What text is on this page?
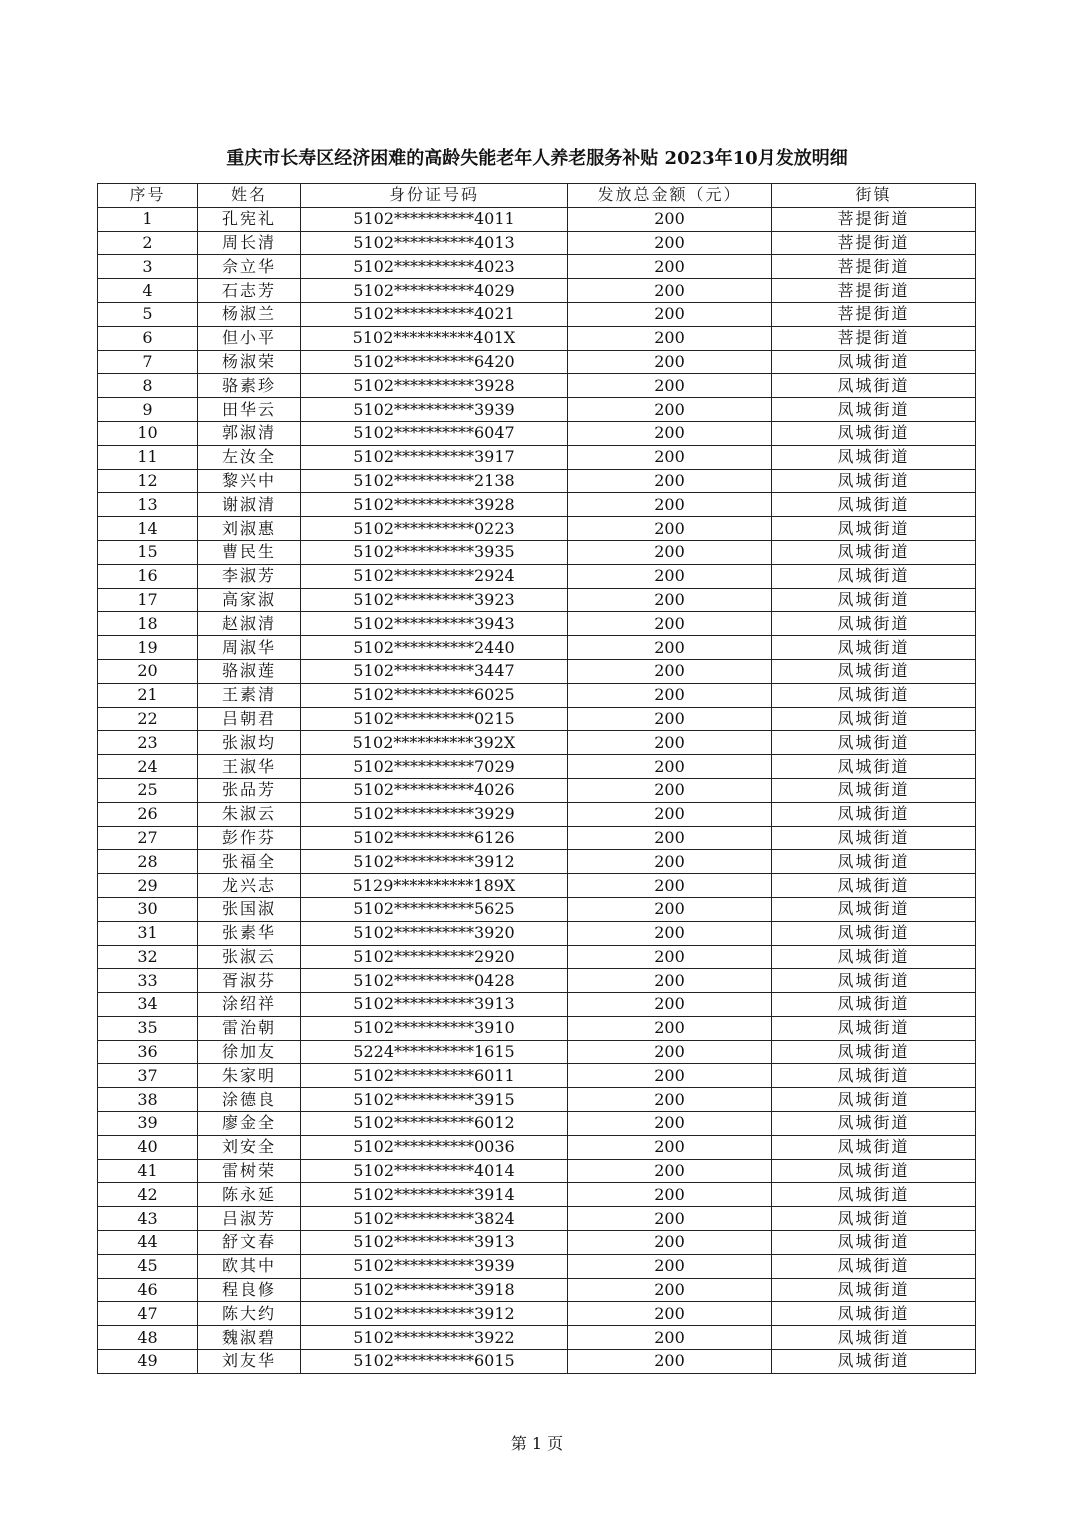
重庆市长寿区经济困难的高龄失能老年人养老服务补贴 2023年10月发放明细
序号	姓名	身份证号码	发放总金额（元）	街镇
1	孔宪礼	5102**********4011	200	菩提街道
2	周长清	5102**********4013	200	菩提街道
3	佘立华	5102**********4023	200	菩提街道
4	石志芳	5102**********4029	200	菩提街道
5	杨淑兰	5102**********4021	200	菩提街道
6	但小平	5102**********401X	200	菩提街道
7	杨淑荣	5102**********6420	200	凤城街道
8	骆素珍	5102**********3928	200	凤城街道
9	田华云	5102**********3939	200	凤城街道
10	郭淑清	5102**********6047	200	凤城街道
11	左汝全	5102**********3917	200	凤城街道
12	黎兴中	5102**********2138	200	凤城街道
13	谢淑清	5102**********3928	200	凤城街道
14	刘淑惠	5102**********0223	200	凤城街道
15	曹民生	5102**********3935	200	凤城街道
16	李淑芳	5102**********2924	200	凤城街道
17	高家淑	5102**********3923	200	凤城街道
18	赵淑清	5102**********3943	200	凤城街道
19	周淑华	5102**********2440	200	凤城街道
20	骆淑莲	5102**********3447	200	凤城街道
21	王素清	5102**********6025	200	凤城街道
22	吕朝君	5102**********0215	200	凤城街道
23	张淑均	5102**********392X	200	凤城街道
24	王淑华	5102**********7029	200	凤城街道
25	张品芳	5102**********4026	200	凤城街道
26	朱淑云	5102**********3929	200	凤城街道
27	彭作芬	5102**********6126	200	凤城街道
28	张福全	5102**********3912	200	凤城街道
29	龙兴志	5129**********189X	200	凤城街道
30	张国淑	5102**********5625	200	凤城街道
31	张素华	5102**********3920	200	凤城街道
32	张淑云	5102**********2920	200	凤城街道
33	胥淑芬	5102**********0428	200	凤城街道
34	涂绍祥	5102**********3913	200	凤城街道
35	雷治朝	5102**********3910	200	凤城街道
36	徐加友	5224**********1615	200	凤城街道
37	朱家明	5102**********6011	200	凤城街道
38	涂德良	5102**********3915	200	凤城街道
39	廖金全	5102**********6012	200	凤城街道
40	刘安全	5102**********0036	200	凤城街道
41	雷树荣	5102**********4014	200	凤城街道
42	陈永延	5102**********3914	200	凤城街道
43	吕淑芳	5102**********3824	200	凤城街道
44	舒文春	5102**********3913	200	凤城街道
45	欧其中	5102**********3939	200	凤城街道
46	程良修	5102**********3918	200	凤城街道
47	陈大约	5102**********3912	200	凤城街道
48	魏淑碧	5102**********3922	200	凤城街道
49	刘友华	5102**********6015	200	凤城街道
第 1 页
